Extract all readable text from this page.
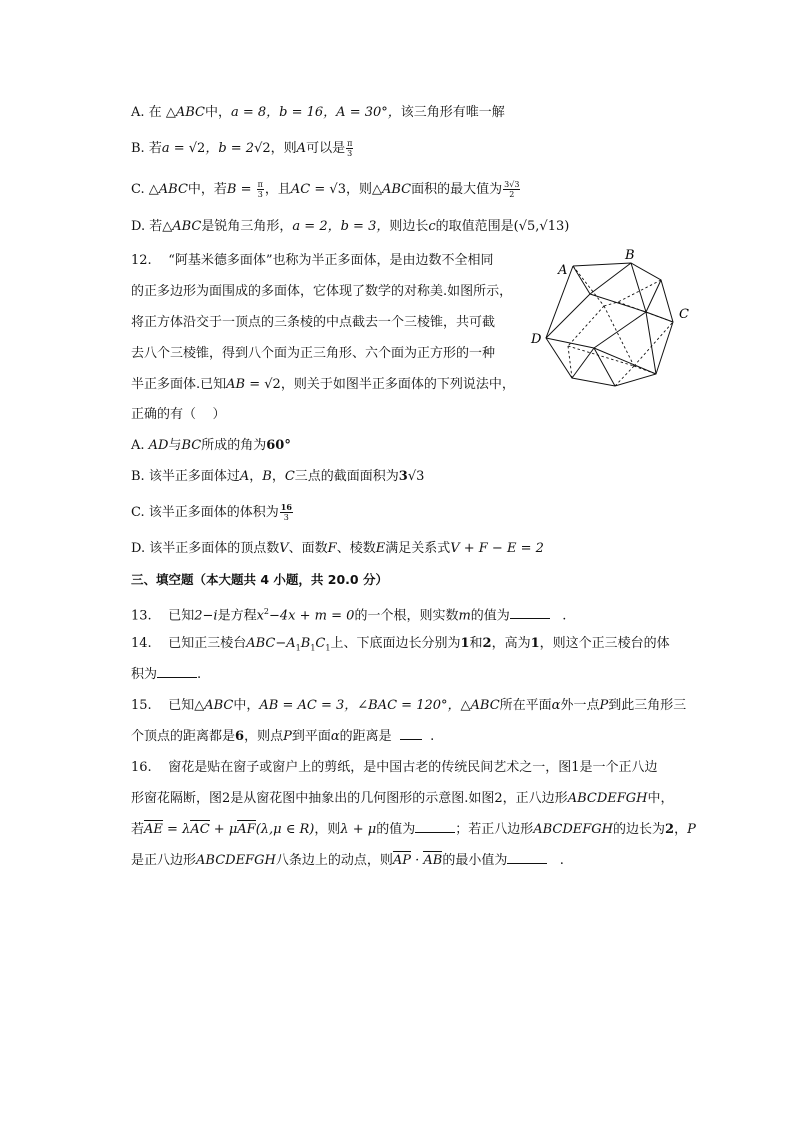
A. 在 △ABC中，a = 8，b = 16，A = 30°，该三角形有唯一解
B. 若a = √2，b = 2√2，则A可以是 $\frac{\pi}{3}$
C. △ABC中，若$B = \frac{\pi}{3}$ ，且AC = √3，则△ABC面积的最大值为 $\frac{3√3}{2}$
D. 若△ABC是锐角三角形，a = 2，b = 3，则边长c的取值范围是(√5,√13)
12. “阿基米德多面体”也称为半正多面体，是由边数不全相同
的正多边形为面围成的多面体，它体现了数学的对称美.如图所示，
将正方体沿交于一顶点的三条棱的中点截去一个三棱锥，共可截
去八个三棱锥，得到八个面为正三角形、六个面为正方形的一种
半正多面体.已知AB = √2，则关于如图半正多面体的下列说法中，
正确的有（    ）
A
B
C
D
A. AD与BC所成的角为60°
B. 该半正多面体过A，B，C三点的截面面积为3√3
C. 该半正多面体的体积为 $\frac{16}{3}$
D. 该半正多面体的顶点数V、面数F、棱数E满足关系式V + F − E = 2
三、填空题（本大题共 4 小题，共 20.0 分）
13. 已知2−i是方程$x^2-4x + m = 0$的一个根，则实数m的值为	.
14. 已知正三棱台$ABC-A_1B_1C_1$上、下底面边长分别为1和2，高为1，则这个正三棱台的体
积为	.
15. 已知△ABC中，AB = AC = 3，∠BAC = 120°，△ABC所在平面α外一点P到此三角形三
个顶点的距离都是6，则点P到平面α的距离是	.
16. 窗花是贴在窗子或窗户上的剪纸，是中国古老的传统民间艺术之一，图1是一个正八边
形窗花隔断，图2是从窗花图中抽象出的几何图形的示意图.如图2，正八边形ABCDEFGH中，
若AE = λAC + μAF(λ,μ ∈ R)，则λ + μ的值为	；若正八边形ABCDEFGH的边长为2，P
是正八边形ABCDEFGH八条边上的动点，则AP · AB的最小值为	.
